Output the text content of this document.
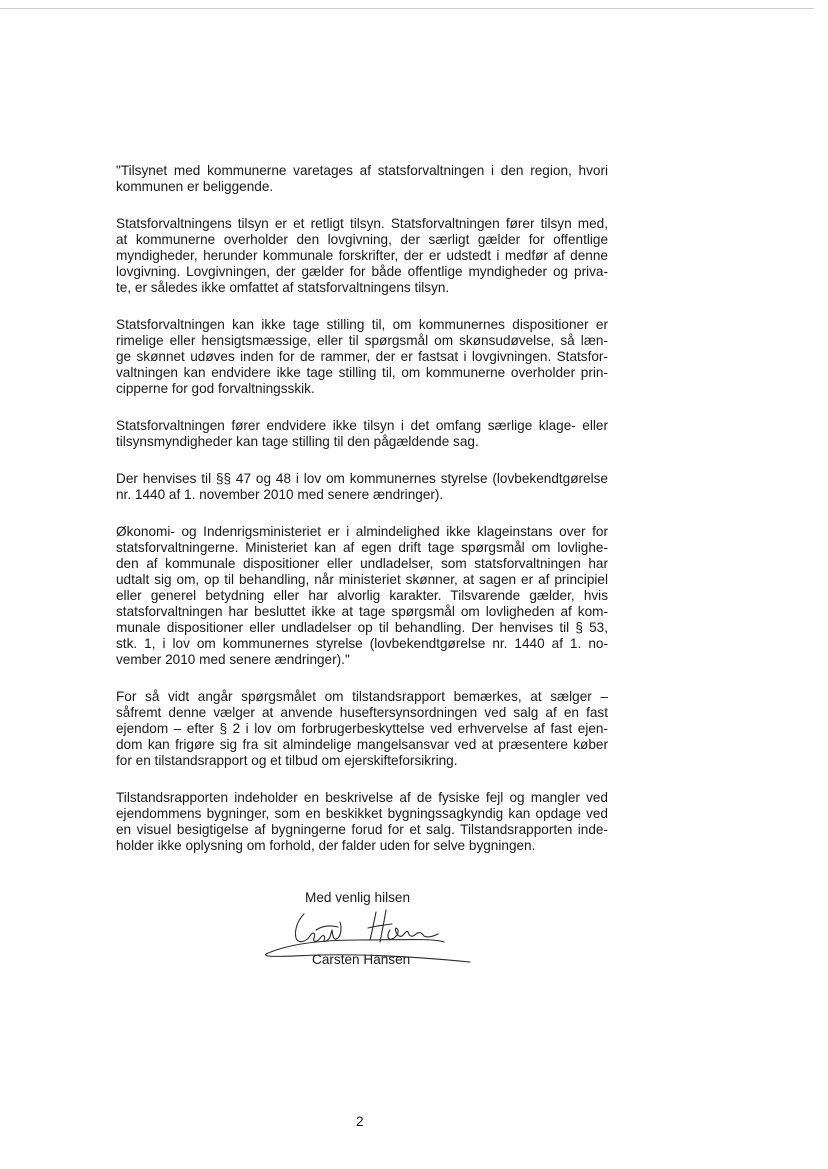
"Tilsynet med kommunerne varetages af statsforvaltningen i den region, hvori
kommunen er beliggende.

Statsforvaltningens tilsyn er et retligt tilsyn. Statsforvaltningen fører tilsyn med,
at kommunerne overholder den lovgivning, der særligt gælder for offentlige
myndigheder, herunder kommunale forskrifter, der er udstedt i medfør af denne
lovgivning. Lovgivningen, der gælder for både offentlige myndigheder og priva-
te, er således ikke omfattet af statsforvaltningens tilsyn.

Statsforvaltningen kan ikke tage stilling til, om kommunernes dispositioner er
rimelige eller hensigtsmæssige, eller til spørgsmål om skønsudøvelse, så læn-
ge skønnet udøves inden for de rammer, der er fastsat i lovgivningen. Statsfor-
valtningen kan endvidere ikke tage stilling til, om kommunerne overholder prin-
cipperne for god forvaltningsskik.

Statsforvaltningen fører endvidere ikke tilsyn i det omfang særlige klage- eller
tilsynsmyndigheder kan tage stilling til den pågældende sag.

Der henvises til §§ 47 og 48 i lov om kommunernes styrelse (lovbekendtgørelse
nr. 1440 af 1. november 2010 med senere ændringer).

Økonomi- og Indenrigsministeriet er i almindelighed ikke klageinstans over for
statsforvaltningerne. Ministeriet kan af egen drift tage spørgsmål om lovlighe-
den af kommunale dispositioner eller undladelser, som statsforvaltningen har
udtalt sig om, op til behandling, når ministeriet skønner, at sagen er af principiel
eller generel betydning eller har alvorlig karakter. Tilsvarende gælder, hvis
statsforvaltningen har besluttet ikke at tage spørgsmål om lovligheden af kom-
munale dispositioner eller undladelser op til behandling. Der henvises til § 53,
stk. 1, i lov om kommunernes styrelse (lovbekendtgørelse nr. 1440 af 1. no-
vember 2010 med senere ændringer)."

For så vidt angår spørgsmålet om tilstandsrapport bemærkes, at sælger –
såfremt denne vælger at anvende huseftersynsordningen ved salg af en fast
ejendom – efter § 2 i lov om forbrugerbeskyttelse ved erhvervelse af fast ejen-
dom kan frigøre sig fra sit almindelige mangelsansvar ved at præsentere køber
for en tilstandsrapport og et tilbud om ejerskifteforsikring.

Tilstandsrapporten indeholder en beskrivelse af de fysiske fejl og mangler ved
ejendommens bygninger, som en beskikket bygningssagkyndig kan opdage ved
en visuel besigtigelse af bygningerne forud for et salg. Tilstandsrapporten inde-
holder ikke oplysning om forhold, der falder uden for selve bygningen.

Med venlig hilsen
Carsten Hansen
2
